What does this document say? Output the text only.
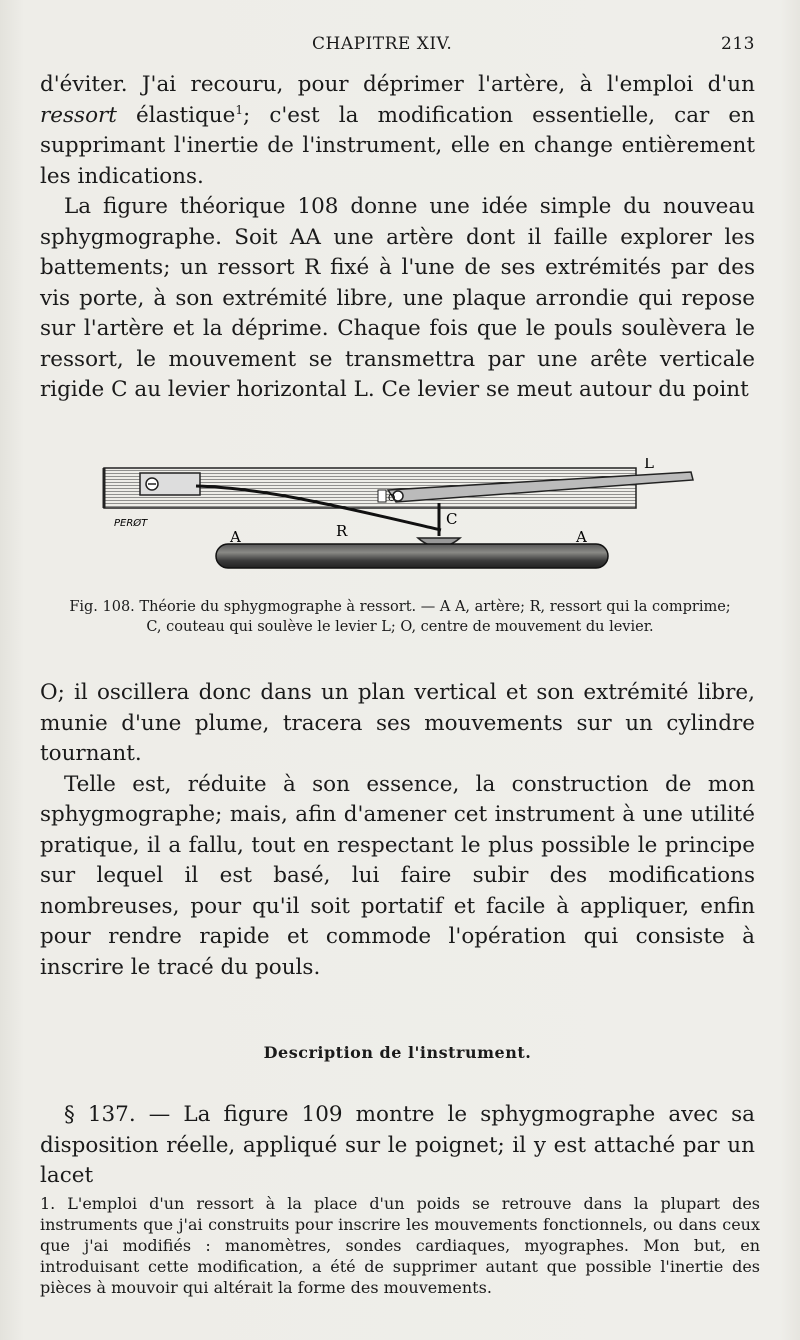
CHAPITRE XIV.	213

d'éviter. J'ai recouru, pour déprimer l'artère, à l'emploi d'un ressort élastique$^1$; c'est la modification essentielle, car en supprimant l'inertie de l'instrument, elle en change entièrement les indications.

La figure théorique 108 donne une idée simple du nouveau sphygmographe. Soit AA une artère dont il faille explorer les battements; un ressort R fixé à l'une de ses extrémités par des vis porte, à son extrémité libre, une plaque arrondie qui repose sur l'artère et la déprime. Chaque fois que le pouls soulèvera le ressort, le mouvement se transmettra par une arête verticale rigide C au levier horizontal L. Ce levier se meut autour du point

L
A	A
R
C
O
PERØT
Fig. 108. Théorie du sphygmographe à ressort. — A A, artère; R, ressort qui la comprime;
C, couteau qui soulève le levier L; O, centre de mouvement du levier.

O; il oscillera donc dans un plan vertical et son extrémité libre, munie d'une plume, tracera ses mouvements sur un cylindre tournant.

Telle est, réduite à son essence, la construction de mon sphygmographe; mais, afin d'amener cet instrument à une utilité pratique, il a fallu, tout en respectant le plus possible le principe sur lequel il est basé, lui faire subir des modifications nombreuses, pour qu'il soit portatif et facile à appliquer, enfin pour rendre rapide et commode l'opération qui consiste à inscrire le tracé du pouls.

Description de l'instrument.

§ 137. — La figure 109 montre le sphygmographe avec sa disposition réelle, appliqué sur le poignet; il y est attaché par un lacet

1. L'emploi d'un ressort à la place d'un poids se retrouve dans la plupart des instruments que j'ai construits pour inscrire les mouvements fonctionnels, ou dans ceux que j'ai modifiés : manomètres, sondes cardiaques, myographes. Mon but, en introduisant cette modification, a été de supprimer autant que possible l'inertie des pièces à mouvoir qui altérait la forme des mouvements.
